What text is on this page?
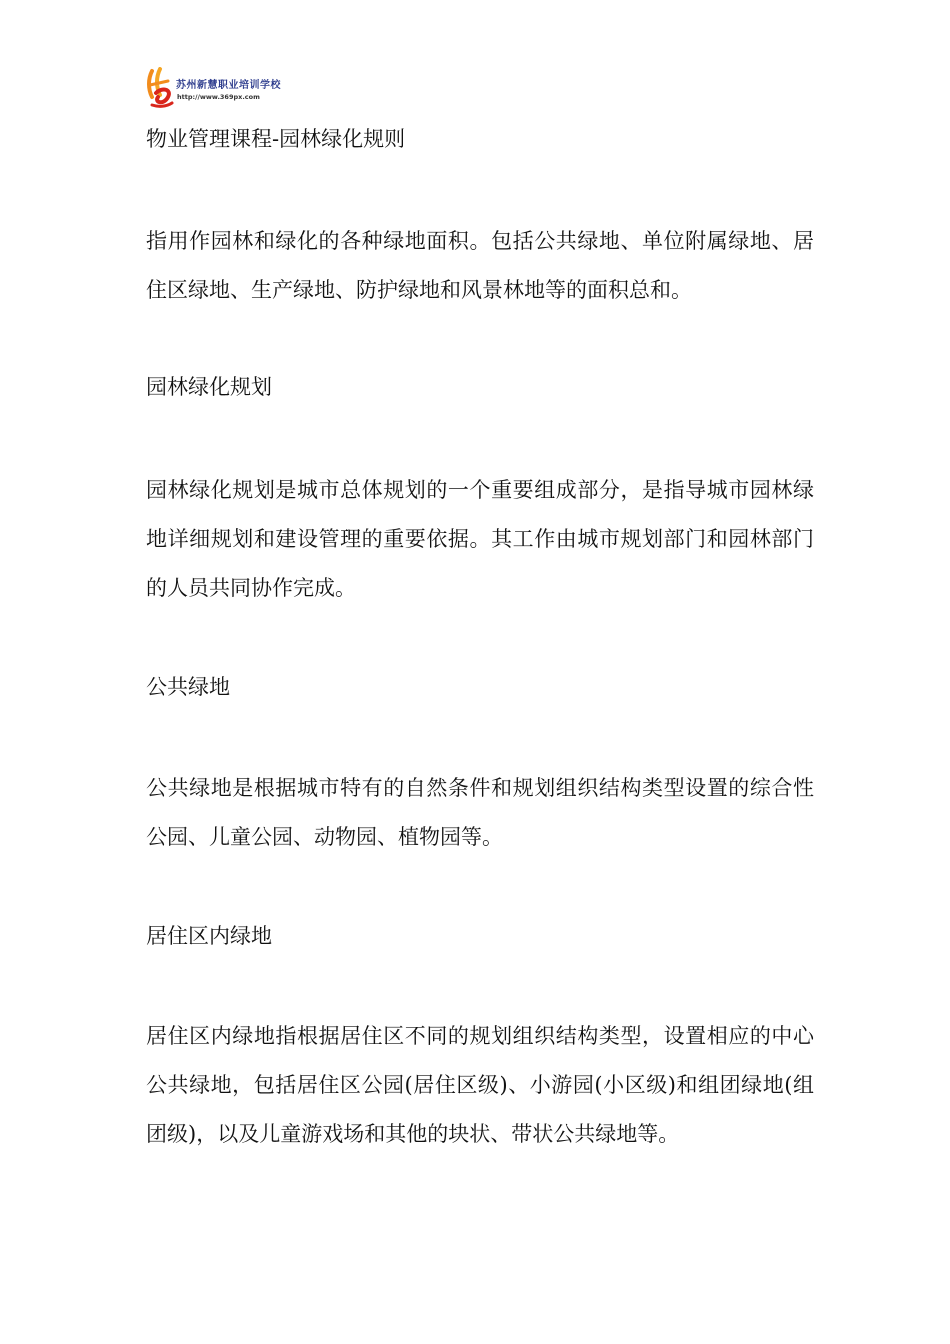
苏州新慧职业培训学校
http://www.369px.com
物业管理课程-园林绿化规则
指用作园林和绿化的各种绿地面积。包括公共绿地、单位附属绿地、居住区绿地、生产绿地、防护绿地和风景林地等的面积总和。
园林绿化规划
园林绿化规划是城市总体规划的一个重要组成部分，是指导城市园林绿地详细规划和建设管理的重要依据。其工作由城市规划部门和园林部门的人员共同协作完成。
公共绿地
公共绿地是根据城市特有的自然条件和规划组织结构类型设置的综合性公园、儿童公园、动物园、植物园等。
居住区内绿地
居住区内绿地指根据居住区不同的规划组织结构类型，设置相应的中心公共绿地，包括居住区公园(居住区级)、小游园(小区级)和组团绿地(组团级)，以及儿童游戏场和其他的块状、带状公共绿地等。
